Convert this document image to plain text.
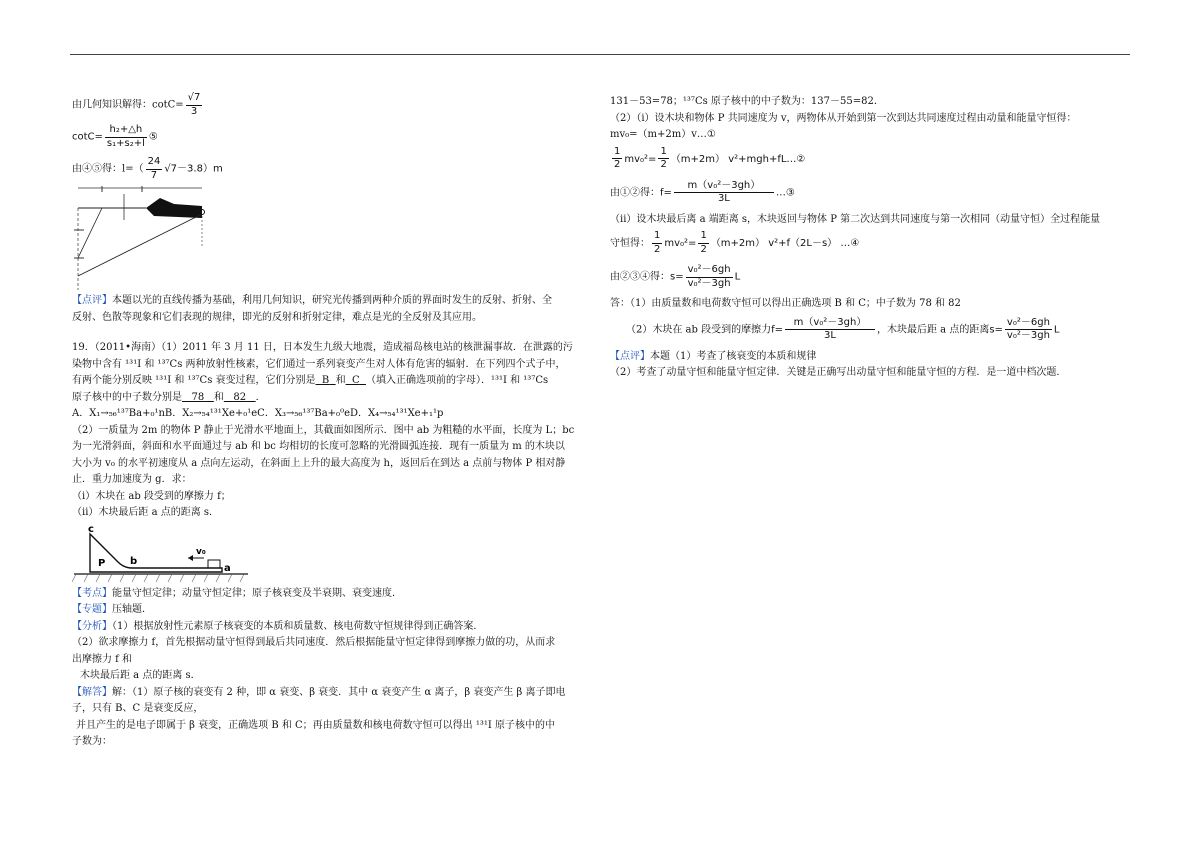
由几何知识解得：$\cot C= \frac{√7}{3}$

$\cot C= \frac{\text{h₂+△h}}{\text{s₁+s₂+l}}$ ⑤

由④⑤得：$l=( \frac{24}{7} √7-3.8)m$

【点评】本题以光的直线传播为基础，利用几何知识，研究光传播到两种介质的界面时发生的反射、折射、全

反射、色散等现象和它们表现的规律，即光的反射和折射定律，难点是光的全反射及其应用。

19．（2011•海南）（1）2011 年 3 月 11 日，日本发生九级大地震，造成福岛核电站的核泄漏事故．在泄露的污

染物中含有 ¹³¹I 和 ¹³⁷Cs 两种放射性核素，它们通过一系列衰变产生对人体有危害的辐射．在下列四个式子中，

有两个能分别反映 ¹³¹I 和 ¹³⁷Cs 衰变过程，它们分别是 B 和 C （填入正确选项前的字母）．¹³¹I 和 ¹³⁷Cs

原子核中的中子数分别是 78 和 82 ．

A．X₁→₅₆¹³⁷Ba+₀¹nB．X₂→₅₄¹³¹Xe+₀¹eC．X₃→₅₆¹³⁷Ba+₀⁰eD．X₄→₅₄¹³¹Xe+₁¹p

（2）一质量为 2m 的物体 P 静止于光滑水平地面上，其截面如图所示．图中 ab 为粗糙的水平面，长度为 L；bc

为一光滑斜面，斜面和水平面通过与 ab 和 bc 均相切的长度可忽略的光滑圆弧连接．现有一质量为 m 的木块以

大小为 v₀ 的水平初速度从 a 点向左运动，在斜面上上升的最大高度为 h，返回后在到达 a 点前与物体 P 相对静

止．重力加速度为 g．求：

（i）木块在 ab 段受到的摩擦力 f；

（ii）木块最后距 a 点的距离 s．

c
P b
v₀
a

【考点】能量守恒定律；动量守恒定律；原子核衰变及半衰期、衰变速度．

【专题】压轴题．

【分析】（1）根据放射性元素原子核衰变的本质和质量数、核电荷数守恒规律得到正确答案．

（2）欲求摩擦力 f，首先根据动量守恒得到最后共同速度．然后根据能量守恒定律得到摩擦力做的功，从而求

出摩擦力 f 和

木块最后距 a 点的距离 s．

【解答】解：（1）原子核的衰变有 2 种，即 α 衰变、β 衰变．其中 α 衰变产生 α 离子，β 衰变产生 β 离子即电

子，只有 B、C 是衰变反应，

并且产生的是电子即属于 β 衰变，正确选项 B 和 C；再由质量数和核电荷数守恒可以得出 ¹³¹I 原子核中的中

子数为：

131－53=78；¹³⁷Cs 原子核中的中子数为：137－55=82．

（2）（i）设木块和物体 P 共同速度为 v，两物体从开始到第一次到达共同速度过程由动量和能量守恒得：

mv₀=（m+2m）v…①

$\frac{1}{2} mv_0^2= \frac{1}{2} (m+2m)$ v²+mgh+fL…②

由①②得：$f= \frac{\text{m（v₀²－3gh）}}{3L}$ …③

（ii）设木块最后离 a 端距离 s，木块返回与物体 P 第二次达到共同速度与第一次相同（动量守恒）全过程能量

守恒得： $\frac{1}{2} mv_0^2= \frac{1}{2} (m+2m)$ v²+f（2L－s） …④

由②③④得：$s= \frac{\text{v₀²－6gh}}{\text{v₀²－3gh}}$ L

答：（1）由质量数和电荷数守恒可以得出正确选项 B 和 C；中子数为 78 和 82

（2）木块在 ab 段受到的摩擦力$f= \frac{\text{m（v₀²－3gh）}}{3L}$ ，木块最后距 a 点的距离$s= \frac{\text{v₀²－6gh}}{\text{v₀²－3gh}}$ L

【点评】本题（1）考查了核衰变的本质和规律

（2）考查了动量守恒和能量守恒定律．关键是正确写出动量守恒和能量守恒的方程．是一道中档次题．
